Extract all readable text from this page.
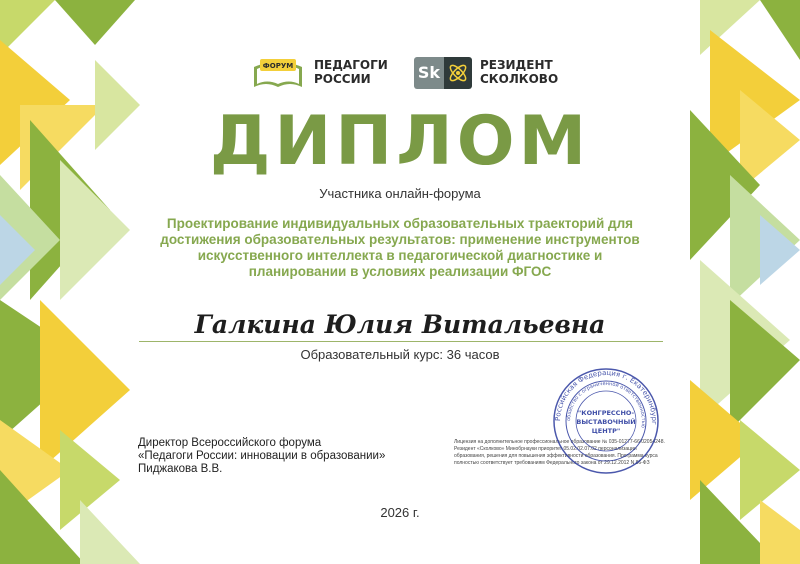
ФОРУМ ПЕДАГОГИ
РОССИИ	Sk	РЕЗИДЕНТ
СКОЛКОВО
ДИПЛОМ
Участника онлайн-форума
Проектирование индивидуальных образовательных траекторий для достижения образовательных результатов: применение инструментов искусственного интеллекта в педагогической диагностике и планировании в условиях реализации ФГОС
Галкина Юлия Витальевна
Образовательный курс: 36 часов
Директор Всероссийского форума
«Педагоги России: инновации в образовании»
Пиджакова В.В.
Лицензия на дополнительное профессиональное образование № 035-01277-66/02054248. Резидент «Сколково» Минобрнауки приоритет 05.02.02.07.02 персонализации образования, решения для повышения эффективности образования. Программа курса полностью соответствует требованиям Федерального закона от 29.12.2012 N 86-ФЗ
Российская Федерация г. Екатеринбург
общество с ограниченной ответственностью
"КОНГРЕССНО-
ВЫСТАВОЧНЫЙ
ЦЕНТР"
2026 г.
